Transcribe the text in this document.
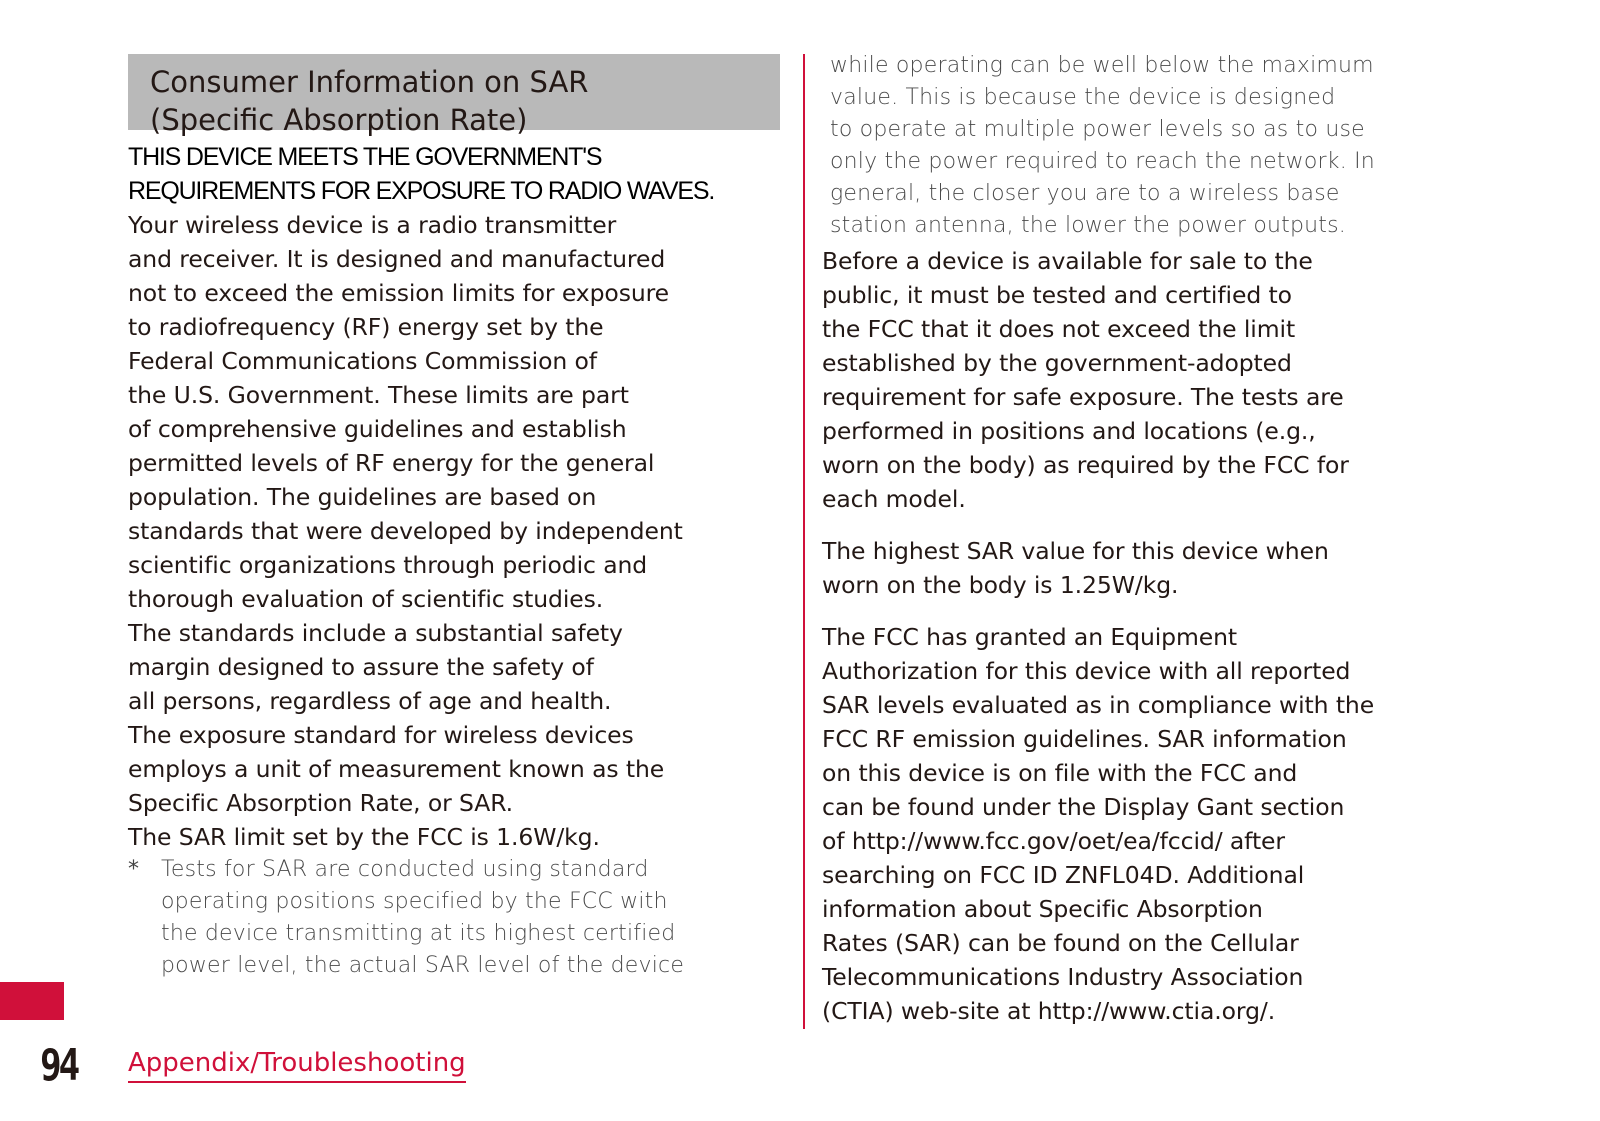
Consumer Information on SAR
(Specific Absorption Rate)
THIS DEVICE MEETS THE GOVERNMENT'S
REQUIREMENTS FOR EXPOSURE TO RADIO WAVES.
Your wireless device is a radio transmitter
and receiver. It is designed and manufactured
not to exceed the emission limits for exposure
to radiofrequency (RF) energy set by the
Federal Communications Commission of
the U.S. Government. These limits are part
of comprehensive guidelines and establish
permitted levels of RF energy for the general
population. The guidelines are based on
standards that were developed by independent
scientific organizations through periodic and
thorough evaluation of scientific studies.
The standards include a substantial safety
margin designed to assure the safety of
all persons, regardless of age and health.
The exposure standard for wireless devices
employs a unit of measurement known as the
Specific Absorption Rate, or SAR.
The SAR limit set by the FCC is 1.6W/kg.
*	Tests for SAR are conducted using standard
operating positions specified by the FCC with
the device transmitting at its highest certified
power level, the actual SAR level of the device
while operating can be well below the maximum
value. This is because the device is designed
to operate at multiple power levels so as to use
only the power required to reach the network. In
general, the closer you are to a wireless base
station antenna, the lower the power outputs.
Before a device is available for sale to the
public, it must be tested and certified to
the FCC that it does not exceed the limit
established by the government-adopted
requirement for safe exposure. The tests are
performed in positions and locations (e.g.,
worn on the body) as required by the FCC for
each model.
The highest SAR value for this device when
worn on the body is 1.25W/kg.
The FCC has granted an Equipment
Authorization for this device with all reported
SAR levels evaluated as in compliance with the
FCC RF emission guidelines. SAR information
on this device is on file with the FCC and
can be found under the Display Gant section
of http://www.fcc.gov/oet/ea/fccid/ after
searching on FCC ID ZNFL04D. Additional
information about Specific Absorption
Rates (SAR) can be found on the Cellular
Telecommunications Industry Association
(CTIA) web-site at http://www.ctia.org/.
94 Appendix/Troubleshooting
